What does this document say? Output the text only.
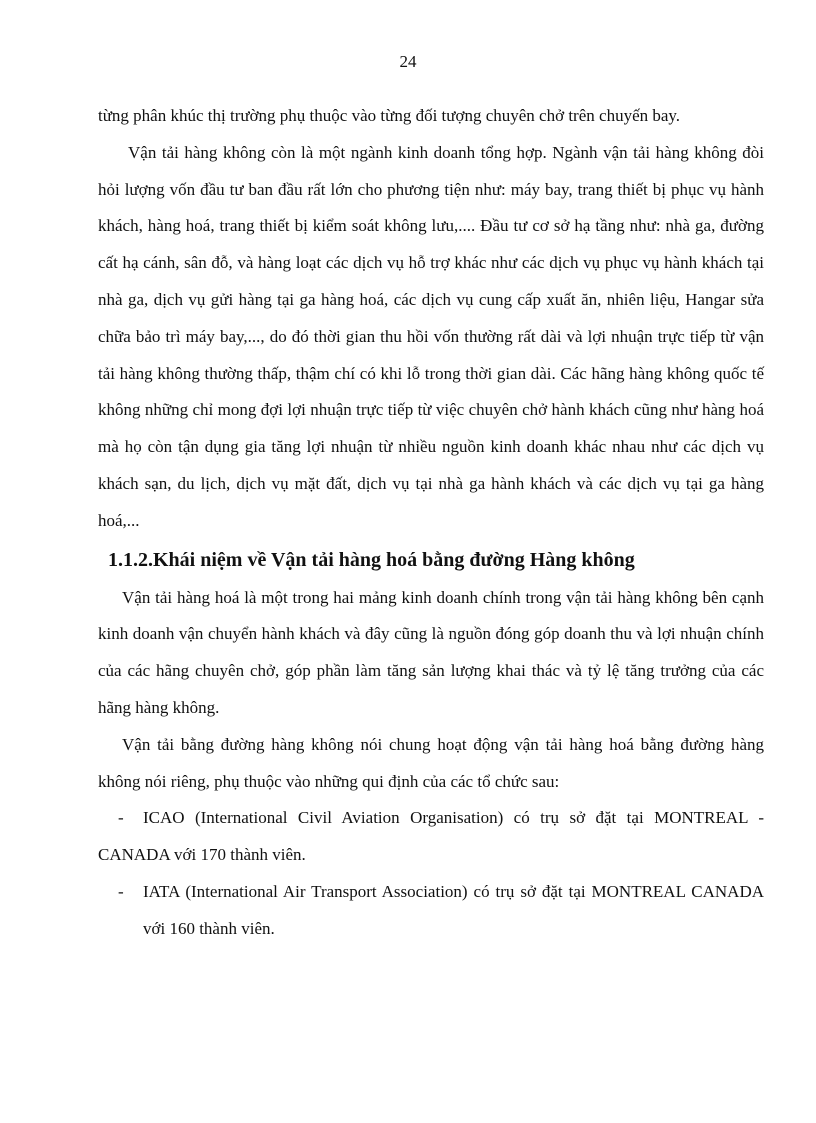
24

từng phân khúc thị trường phụ thuộc vào từng đối tượng chuyên chở trên chuyến bay.

Vận tải hàng không còn là một ngành kinh doanh tổng hợp. Ngành vận tải hàng không đòi hỏi lượng vốn đầu tư ban đầu rất lớn cho phương tiện như: máy bay, trang thiết bị phục vụ hành khách, hàng hoá, trang thiết bị kiểm soát không lưu,.... Đầu tư cơ sở hạ tầng như: nhà ga, đường cất hạ cánh, sân đỗ, và hàng loạt các dịch vụ hỗ trợ khác như các dịch vụ phục vụ hành khách tại nhà ga, dịch vụ gửi hàng tại ga hàng hoá, các dịch vụ cung cấp xuất ăn, nhiên liệu, Hangar sửa chữa bảo trì máy bay,..., do đó thời gian thu hồi vốn thường rất dài và lợi nhuận trực tiếp từ vận tải hàng không thường thấp, thậm chí có khi lỗ trong thời gian dài. Các hãng hàng không quốc tế không những chỉ mong đợi lợi nhuận trực tiếp từ việc chuyên chở hành khách cũng như hàng hoá mà họ còn tận dụng gia tăng lợi nhuận từ nhiều nguồn kinh doanh khác nhau như các dịch vụ khách sạn, du lịch, dịch vụ mặt đất, dịch vụ tại nhà ga hành khách và các dịch vụ tại ga hàng hoá,...

1.1.2.Khái niệm về Vận tải hàng hoá bằng đường Hàng không

Vận tải hàng hoá là một trong hai mảng kinh doanh chính trong vận tải hàng không bên cạnh kinh doanh vận chuyển hành khách và đây cũng là nguồn đóng góp doanh thu và lợi nhuận chính của các hãng chuyên chở, góp phần làm tăng sản lượng khai thác và tỷ lệ tăng trưởng của các hãng hàng không.

Vận tải bằng đường hàng không nói chung hoạt động vận tải hàng hoá bằng đường hàng không nói riêng, phụ thuộc vào những qui định của các tổ chức sau:

- ICAO (International Civil Aviation Organisation) có trụ sở đặt tại MONTREAL - CANADA với 170 thành viên.

-	IATA (International Air Transport Association) có trụ sở đặt tại MONTREAL CANADA với 160 thành viên.
